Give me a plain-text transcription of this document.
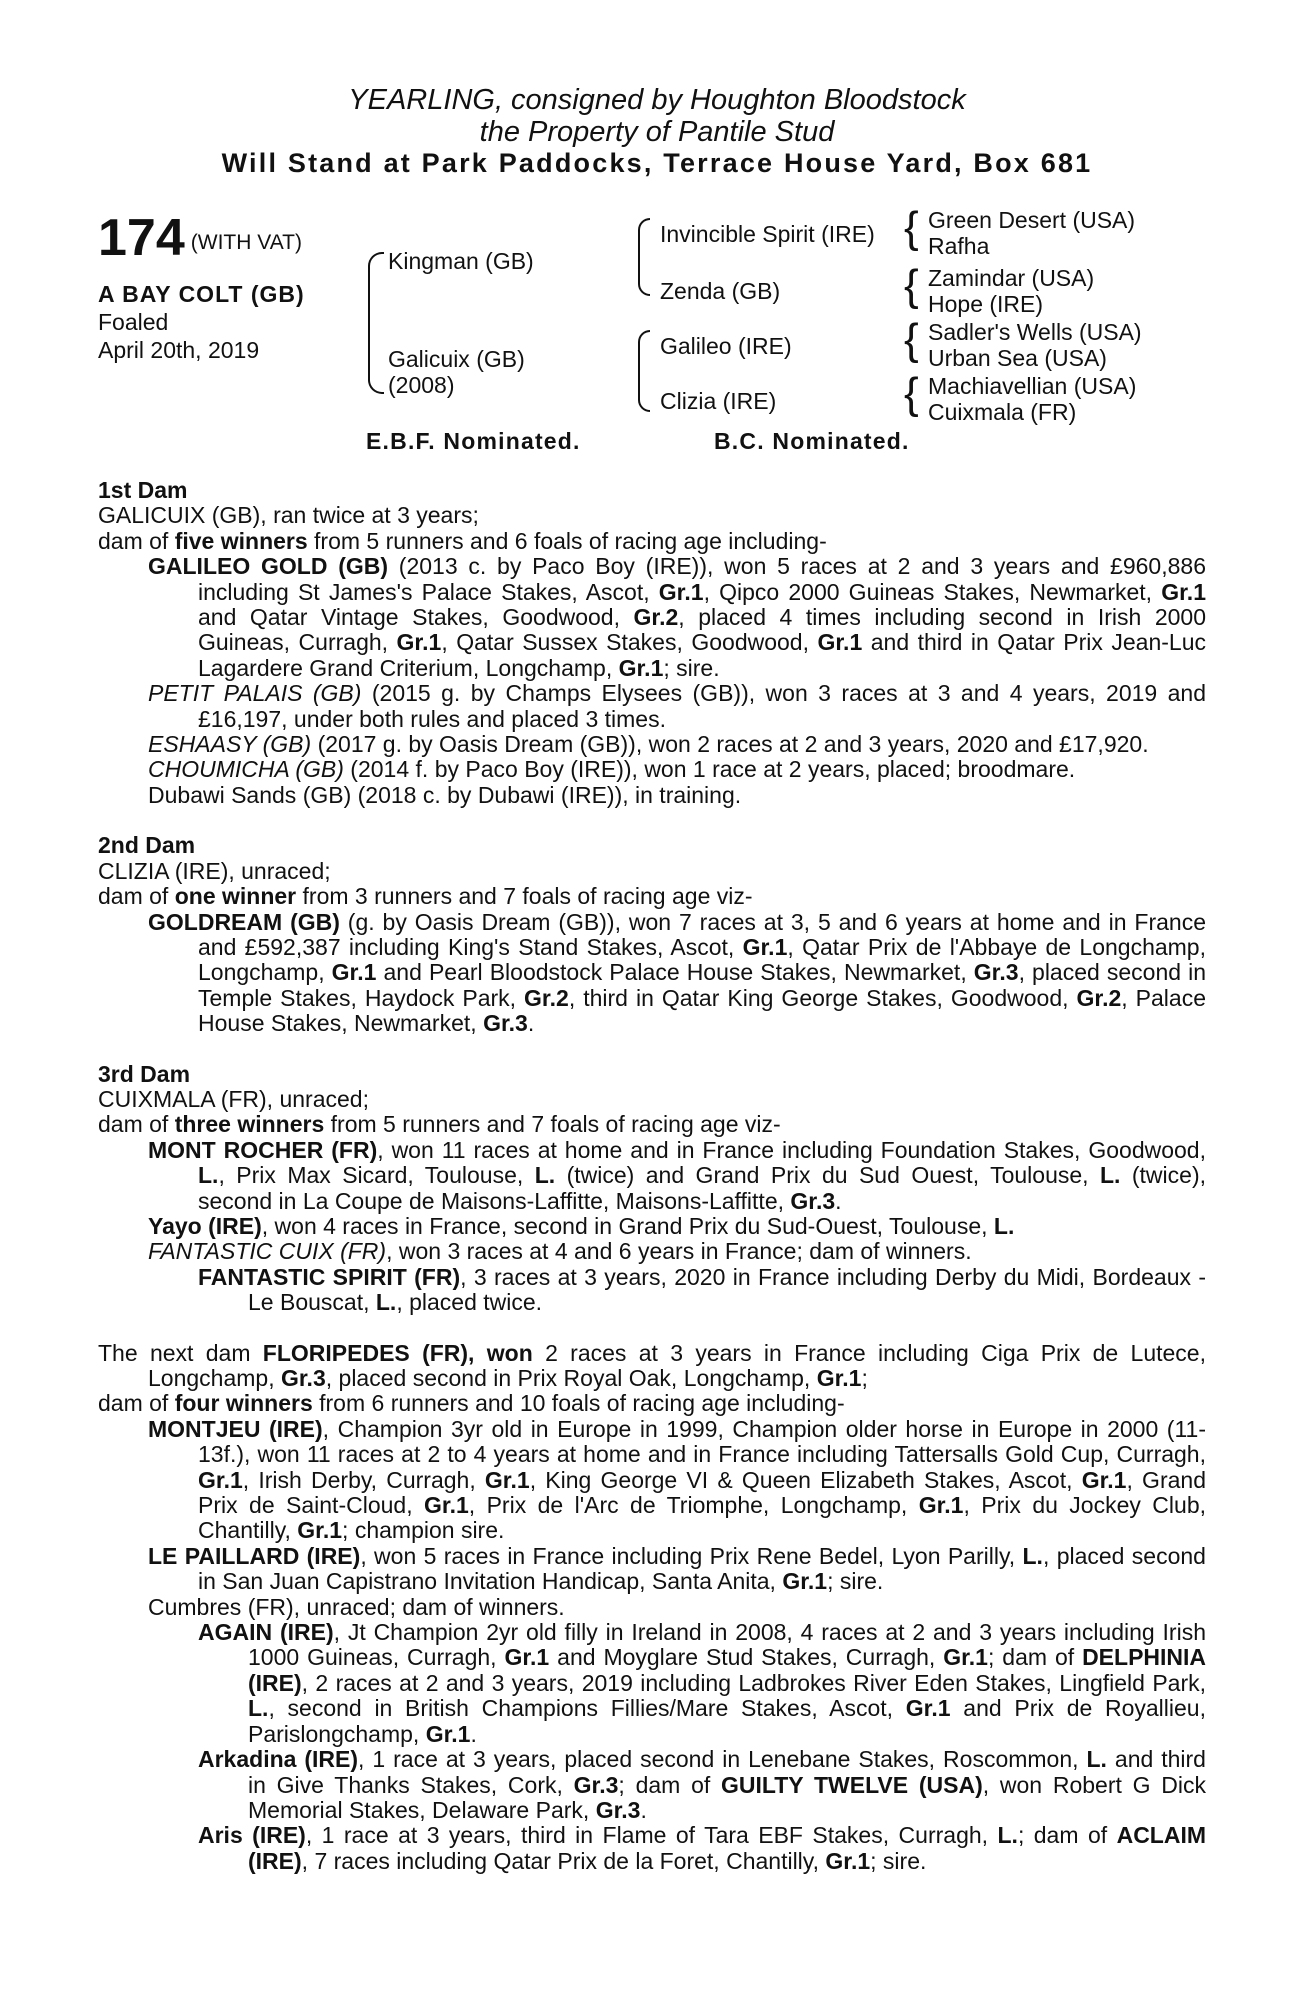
YEARLING, consigned by Houghton Bloodstock
the Property of Pantile Stud
Will Stand at Park Paddocks, Terrace House Yard, Box 681
174 (WITH VAT)
A BAY COLT (GB)
Foaled
April 20th, 2019
Kingman (GB)
Galicuix (GB)
(2008)
Invincible Spirit (IRE)
Zenda (GB)
Galileo (IRE)
Clizia (IRE)
{ Green Desert (USA)
Rafha
{ Zamindar (USA)
Hope (IRE)
{ Sadler's Wells (USA)
Urban Sea (USA)
{ Machiavellian (USA)
Cuixmala (FR)
E.B.F. Nominated.	B.C. Nominated.
1st Dam

GALICUIX (GB), ran twice at 3 years;

dam of five winners from 5 runners and 6 foals of racing age including-

GALILEO GOLD (GB) (2013 c. by Paco Boy (IRE)), won 5 races at 2 and 3 years and £960,886 including St James's Palace Stakes, Ascot, Gr.1, Qipco 2000 Guineas Stakes, Newmarket, Gr.1 and Qatar Vintage Stakes, Goodwood, Gr.2, placed 4 times including second in Irish 2000 Guineas, Curragh, Gr.1, Qatar Sussex Stakes, Goodwood, Gr.1 and third in Qatar Prix Jean-Luc Lagardere Grand Criterium, Longchamp, Gr.1; sire.

PETIT PALAIS (GB) (2015 g. by Champs Elysees (GB)), won 3 races at 3 and 4 years, 2019 and £16,197, under both rules and placed 3 times.

ESHAASY (GB) (2017 g. by Oasis Dream (GB)), won 2 races at 2 and 3 years, 2020 and £17,920.

CHOUMICHA (GB) (2014 f. by Paco Boy (IRE)), won 1 race at 2 years, placed; broodmare.

Dubawi Sands (GB) (2018 c. by Dubawi (IRE)), in training.

2nd Dam

CLIZIA (IRE), unraced;

dam of one winner from 3 runners and 7 foals of racing age viz-

GOLDREAM (GB) (g. by Oasis Dream (GB)), won 7 races at 3, 5 and 6 years at home and in France and £592,387 including King's Stand Stakes, Ascot, Gr.1, Qatar Prix de l'Abbaye de Longchamp, Longchamp, Gr.1 and Pearl Bloodstock Palace House Stakes, Newmarket, Gr.3, placed second in Temple Stakes, Haydock Park, Gr.2, third in Qatar King George Stakes, Goodwood, Gr.2, Palace House Stakes, Newmarket, Gr.3.

3rd Dam

CUIXMALA (FR), unraced;

dam of three winners from 5 runners and 7 foals of racing age viz-

MONT ROCHER (FR), won 11 races at home and in France including Foundation Stakes, Goodwood, L., Prix Max Sicard, Toulouse, L. (twice) and Grand Prix du Sud Ouest, Toulouse, L. (twice), second in La Coupe de Maisons-Laffitte, Maisons-Laffitte, Gr.3.

Yayo (IRE), won 4 races in France, second in Grand Prix du Sud-Ouest, Toulouse, L.

FANTASTIC CUIX (FR), won 3 races at 4 and 6 years in France; dam of winners.

FANTASTIC SPIRIT (FR), 3 races at 3 years, 2020 in France including Derby du Midi, Bordeaux - Le Bouscat, L., placed twice.

The next dam FLORIPEDES (FR), won 2 races at 3 years in France including Ciga Prix de Lutece, Longchamp, Gr.3, placed second in Prix Royal Oak, Longchamp, Gr.1;

dam of four winners from 6 runners and 10 foals of racing age including-

MONTJEU (IRE), Champion 3yr old in Europe in 1999, Champion older horse in Europe in 2000 (11-13f.), won 11 races at 2 to 4 years at home and in France including Tattersalls Gold Cup, Curragh, Gr.1, Irish Derby, Curragh, Gr.1, King George VI & Queen Elizabeth Stakes, Ascot, Gr.1, Grand Prix de Saint-Cloud, Gr.1, Prix de l'Arc de Triomphe, Longchamp, Gr.1, Prix du Jockey Club, Chantilly, Gr.1; champion sire.

LE PAILLARD (IRE), won 5 races in France including Prix Rene Bedel, Lyon Parilly, L., placed second in San Juan Capistrano Invitation Handicap, Santa Anita, Gr.1; sire.

Cumbres (FR), unraced; dam of winners.

AGAIN (IRE), Jt Champion 2yr old filly in Ireland in 2008, 4 races at 2 and 3 years including Irish 1000 Guineas, Curragh, Gr.1 and Moyglare Stud Stakes, Curragh, Gr.1; dam of DELPHINIA (IRE), 2 races at 2 and 3 years, 2019 including Ladbrokes River Eden Stakes, Lingfield Park, L., second in British Champions Fillies/Mare Stakes, Ascot, Gr.1 and Prix de Royallieu, Parislongchamp, Gr.1.

Arkadina (IRE), 1 race at 3 years, placed second in Lenebane Stakes, Roscommon, L. and third in Give Thanks Stakes, Cork, Gr.3; dam of GUILTY TWELVE (USA), won Robert G Dick Memorial Stakes, Delaware Park, Gr.3.

Aris (IRE), 1 race at 3 years, third in Flame of Tara EBF Stakes, Curragh, L.; dam of ACLAIM (IRE), 7 races including Qatar Prix de la Foret, Chantilly, Gr.1; sire.
